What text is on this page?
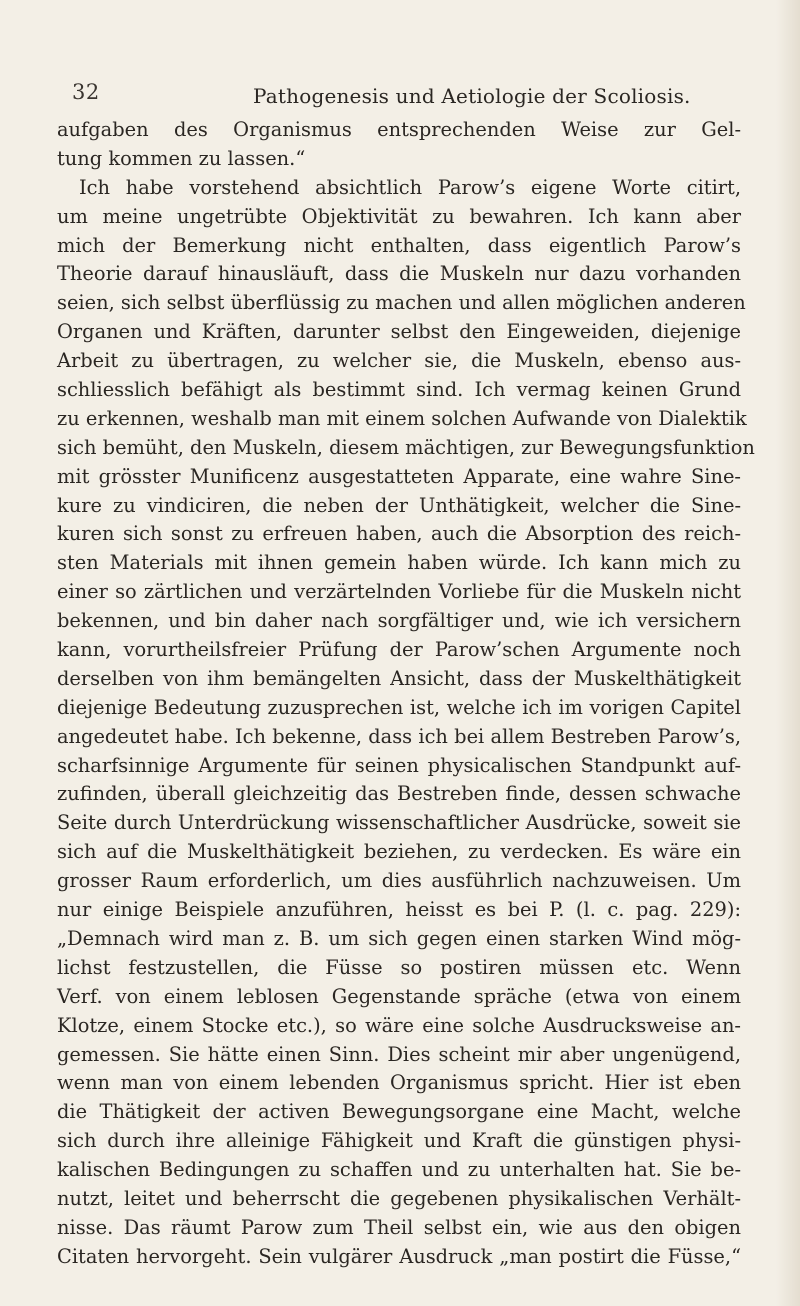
32	Pathogenesis und Aetiologie der Scoliosis.
aufgaben des Organismus entsprechenden Weise zur Gel-
tung kommen zu lassen.“
Ich habe vorstehend absichtlich Parow’s eigene Worte citirt,
um meine ungetrübte Objektivität zu bewahren. Ich kann aber
mich der Bemerkung nicht enthalten, dass eigentlich Parow’s
Theorie darauf hinausläuft, dass die Muskeln nur dazu vorhanden
seien, sich selbst überflüssig zu machen und allen möglichen anderen
Organen und Kräften, darunter selbst den Eingeweiden, diejenige
Arbeit zu übertragen, zu welcher sie, die Muskeln, ebenso aus-
schliesslich befähigt als bestimmt sind. Ich vermag keinen Grund
zu erkennen, weshalb man mit einem solchen Aufwande von Dialektik
sich bemüht, den Muskeln, diesem mächtigen, zur Bewegungsfunktion
mit grösster Munificenz ausgestatteten Apparate, eine wahre Sine-
kure zu vindiciren, die neben der Unthätigkeit, welcher die Sine-
kuren sich sonst zu erfreuen haben, auch die Absorption des reich-
sten Materials mit ihnen gemein haben würde. Ich kann mich zu
einer so zärtlichen und verzärtelnden Vorliebe für die Muskeln nicht
bekennen, und bin daher nach sorgfältiger und, wie ich versichern
kann, vorurtheilsfreier Prüfung der Parow’schen Argumente noch
derselben von ihm bemängelten Ansicht, dass der Muskelthätigkeit
diejenige Bedeutung zuzusprechen ist, welche ich im vorigen Capitel
angedeutet habe. Ich bekenne, dass ich bei allem Bestreben Parow’s,
scharfsinnige Argumente für seinen physicalischen Standpunkt auf-
zufinden, überall gleichzeitig das Bestreben finde, dessen schwache
Seite durch Unterdrückung wissenschaftlicher Ausdrücke, soweit sie
sich auf die Muskelthätigkeit beziehen, zu verdecken. Es wäre ein
grosser Raum erforderlich, um dies ausführlich nachzuweisen. Um
nur einige Beispiele anzuführen, heisst es bei P. (l. c. pag. 229):
„Demnach wird man z. B. um sich gegen einen starken Wind mög-
lichst festzustellen, die Füsse so postiren müssen etc. Wenn
Verf. von einem leblosen Gegenstande spräche (etwa von einem
Klotze, einem Stocke etc.), so wäre eine solche Ausdrucksweise an-
gemessen. Sie hätte einen Sinn. Dies scheint mir aber ungenügend,
wenn man von einem lebenden Organismus spricht. Hier ist eben
die Thätigkeit der activen Bewegungsorgane eine Macht, welche
sich durch ihre alleinige Fähigkeit und Kraft die günstigen physi-
kalischen Bedingungen zu schaffen und zu unterhalten hat. Sie be-
nutzt, leitet und beherrscht die gegebenen physikalischen Verhält-
nisse. Das räumt Parow zum Theil selbst ein, wie aus den obigen
Citaten hervorgeht. Sein vulgärer Ausdruck „man postirt die Füsse,“
